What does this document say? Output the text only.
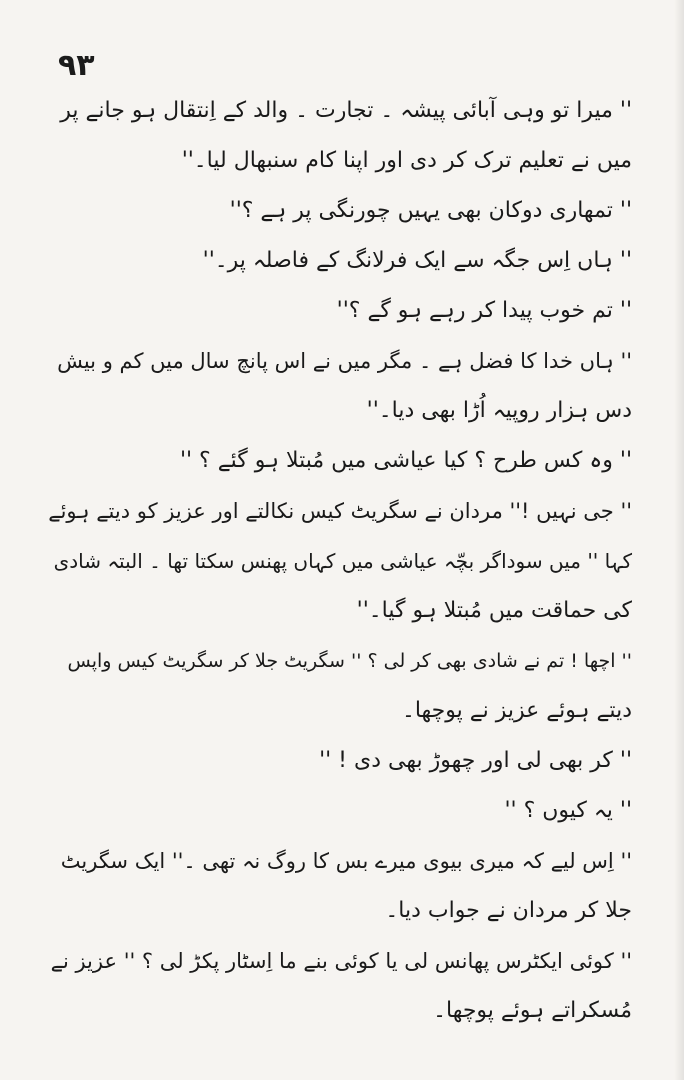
۹۳
'' میرا تو وہی آبائی پیشہ ۔ تجارت ۔ والد کے اِنتقال ہو جانے پر
میں نے تعلیم ترک کر دی اور اپنا کام سنبھال لیا۔''
'' تمھاری دوکان بھی یہیں چورنگی پر ہے ؟''
'' ہاں اِس جگہ سے ایک فرلانگ کے فاصلہ پر۔''
'' تم خوب پیدا کر رہے ہو گے ؟''
'' ہاں خدا کا فضل ہے ۔ مگر میں نے اس پانچ سال میں کم و بیش
دس ہزار روپیہ اُڑا بھی دیا۔''
'' وہ کس طرح ؟ کیا عیاشی میں مُبتلا ہو گئے ؟ ''
'' جی نہیں !'' مردان نے سگریٹ کیس نکالتے اور عزیز کو دیتے ہوئے
کہا '' میں سوداگر بچّہ عیاشی میں کہاں پھنس سکتا تھا ۔ البتہ شادی
کی حماقت میں مُبتلا ہو گیا۔''
'' اچھا ! تم نے شادی بھی کر لی ؟ '' سگریٹ جلا کر سگریٹ کیس واپس
دیتے ہوئے عزیز نے پوچھا۔
'' کر بھی لی اور چھوڑ بھی دی ! ''
'' یہ کیوں ؟ ''
'' اِس لیے کہ میری بیوی میرے بس کا روگ نہ تھی ۔'' ایک سگریٹ
جلا کر مردان نے جواب دیا۔
'' کوئی ایکٹرس پھانس لی یا کوئی بنے ما اِسٹار پکڑ لی ؟ '' عزیز نے
مُسکراتے ہوئے پوچھا۔
